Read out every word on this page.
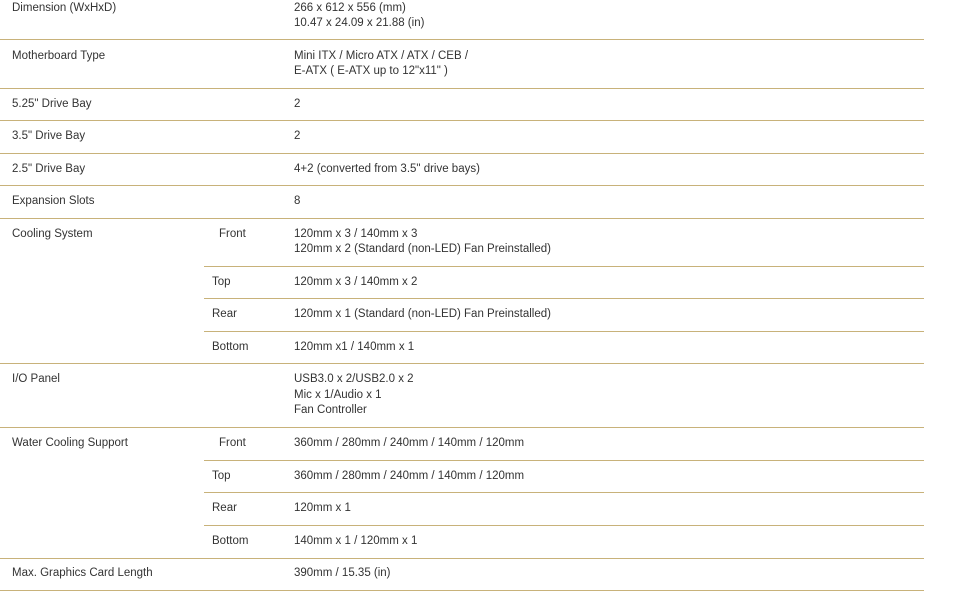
Dimension (WxHxD)	266 x 612 x 556 (mm)
10.47 x 24.09 x 21.88 (in)
Motherboard Type	Mini ITX / Micro ATX / ATX / CEB /
E-ATX ( E-ATX up to 12"x11" )
5.25" Drive Bay	2
3.5" Drive Bay	2
2.5" Drive Bay	4+2 (converted from 3.5" drive bays)
Expansion Slots	8
Cooling System	Front	120mm x 3 / 140mm x 3
120mm x 2 (Standard (non-LED) Fan Preinstalled)
Top	120mm x 3 / 140mm x 2
Rear	120mm x 1 (Standard (non-LED) Fan Preinstalled)
Bottom	120mm x1 / 140mm x 1
I/O Panel	USB3.0 x 2/USB2.0 x 2
Mic x 1/Audio x 1
Fan Controller
Water Cooling Support	Front	360mm / 280mm / 240mm / 140mm / 120mm
Top	360mm / 280mm / 240mm / 140mm / 120mm
Rear	120mm x 1
Bottom	140mm x 1 / 120mm x 1
Max. Graphics Card Length	390mm / 15.35 (in)
